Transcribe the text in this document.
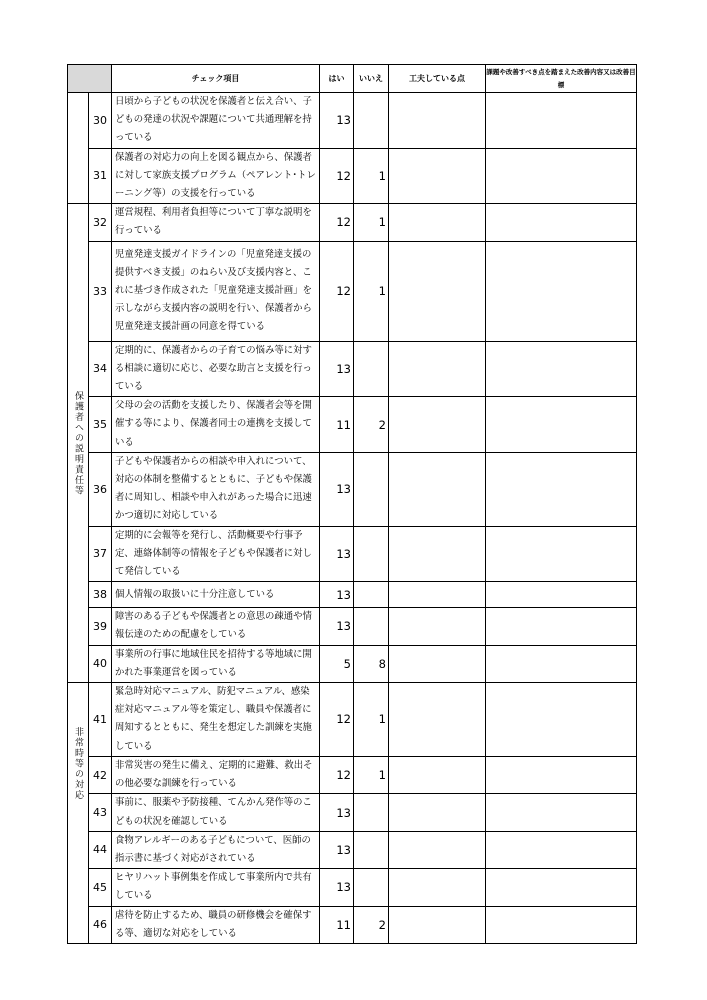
		チェック項目	はい	いいえ	工夫している点	課題や改善すべき点を踏まえた改善内容又は改善目標
	30	日頃から子どもの状況を保護者と伝え合い、子どもの発達の状況や課題について共通理解を持っている	13			
	31	保護者の対応力の向上を図る観点から、保護者に対して家族支援プログラム（ペアレント･トレーニング等）の支援を行っている	12	1		

保護者への説明責任等	32	運営規程、利用者負担等について丁寧な説明を行っている	12	1		
	33	児童発達支援ガイドラインの「児童発達支援の提供すべき支援」のねらい及び支援内容と、これに基づき作成された「児童発達支援計画」を示しながら支援内容の説明を行い、保護者から児童発達支援計画の同意を得ている	12	1		
	34	定期的に、保護者からの子育ての悩み等に対する相談に適切に応じ、必要な助言と支援を行っている	13			
	35	父母の会の活動を支援したり、保護者会等を開催する等により、保護者同士の連携を支援している	11	2		
	36	子どもや保護者からの相談や申入れについて、対応の体制を整備するとともに、子どもや保護者に周知し、相談や申入れがあった場合に迅速かつ適切に対応している	13			
	37	定期的に会報等を発行し、活動概要や行事予定、連絡体制等の情報を子どもや保護者に対して発信している	13			
	38	個人情報の取扱いに十分注意している	13			
	39	障害のある子どもや保護者との意思の疎通や情報伝達のための配慮をしている	13			
	40	事業所の行事に地域住民を招待する等地域に開かれた事業運営を図っている	5	8		

非常時等の対応	41	緊急時対応マニュアル、防犯マニュアル、感染症対応マニュアル等を策定し、職員や保護者に周知するとともに、発生を想定した訓練を実施している	12	1		
	42	非常災害の発生に備え、定期的に避難、救出その他必要な訓練を行っている	12	1		
	43	事前に、服薬や予防接種、てんかん発作等のこどもの状況を確認している	13			
	44	食物アレルギーのある子どもについて、医師の指示書に基づく対応がされている	13			
	45	ヒヤリハット事例集を作成して事業所内で共有している	13			
	46	虐待を防止するため、職員の研修機会を確保する等、適切な対応をしている	11	2		
